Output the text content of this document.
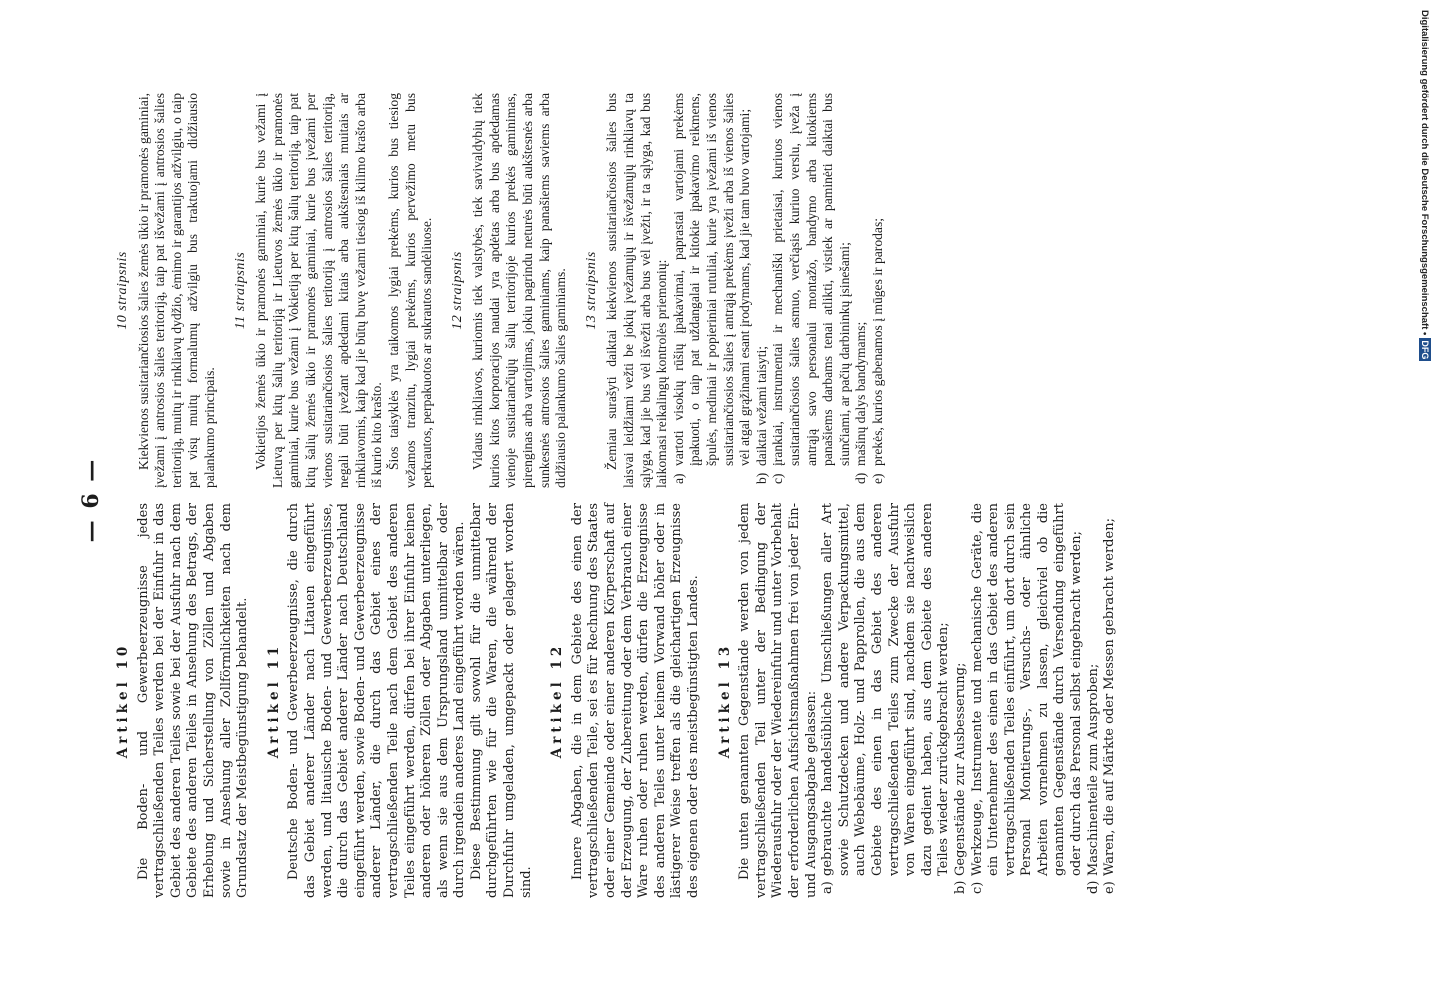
— 6 —
Artikel 10 Die Boden- und Gewerbeerzeugnisse jedes vertragschließenden Teiles werden bei der Einfuhr in das Gebiet des anderen Teiles sowie bei der Ausfuhr nach dem Gebiete des anderen Teiles in Ansehung des Betrags, der Erhebung und Sicherstellung von Zöllen und Abgaben sowie in Ansehung aller Zollförmlichkeiten nach dem Grundsatz der Meistbegünstigung behandelt. Artikel 11 Deutsche Boden- und Gewerbeerzeugnisse, die durch das Gebiet anderer Länder nach Litauen eingeführt werden, und litauische Boden- und Gewerbeerzeugnisse, die durch das Gebiet anderer Länder nach Deutschland eingeführt werden, sowie Boden- und Gewerbeerzeugnisse anderer Länder, die durch das Gebiet eines der vertragschließenden Teile nach dem Gebiet des anderen Teiles eingeführt werden, dürfen bei ihrer Einfuhr keinen anderen oder höheren Zöllen oder Abgaben unterliegen, als wenn sie aus dem Ursprungsland unmittelbar oder durch irgendein anderes Land eingeführt worden wären. Diese Bestimmung gilt sowohl für die unmittelbar durchgeführten wie für die Waren, die während der Durchfuhr umgeladen, umgepackt oder gelagert worden sind.

Artikel 12 Innere Abgaben, die in dem Gebiete des einen der vertragschließenden Teile, sei es für Rechnung des Staates oder einer Gemeinde oder einer anderen Körperschaft auf der Erzeugung, der Zubereitung oder dem Verbrauch einer Ware ruhen oder ruhen werden, dürfen die Erzeugnisse des anderen Teiles unter keinem Vorwand höher oder in lästigerer Weise treffen als die gleichartigen Erzeugnisse des eigenen oder des meistbegünstigten Landes. Artikel 13 Die unten genannten Gegenstände werden von jedem vertragschließenden Teil unter der Bedingung der Wiederausfuhr oder der Wiedereinfuhr und unter Vorbehalt der erforderlichen Aufsichtsmaßnahmen frei von jeder Ein- und Ausgangsabgabe gelassen: a)
gebrauchte handelsübliche Umschließungen aller Art sowie Schutzdecken und andere Verpackungsmittel, auch Webebäume, Holz- und Papprollen, die aus dem Gebiete des einen in das Gebiet des anderen vertragschließenden Teiles zum Zwecke der Ausfuhr von Waren eingeführt sind, nachdem sie nachweislich dazu gedient haben, aus dem Gebiete des anderen Teiles wieder zurückgebracht werden;
b)
Gegenstände zur Ausbesserung;
c)
Werkzeuge, Instrumente und mechanische Geräte, die ein Unternehmer des einen in das Gebiet des anderen vertragschließenden Teiles einführt, um dort durch sein Personal Montierungs-, Versuchs- oder ähnliche Arbeiten vornehmen zu lassen, gleichviel ob die genannten Gegenstände durch Versendung eingeführt oder durch das Personal selbst eingebracht werden;
d)
Maschinenteile zum Ausproben;
e)
Waren, die auf Märkte oder Messen gebracht werden;
10 straipsnis Kiekvienos susitariančiosios šalies žemės ūkio ir pramonės gaminiai, įvežami į antrosios šalies teritoriją, taip pat išvežami į antrosios šalies teritoriją, muitų ir rinkliavų dydžio, ėmimo ir garantijos atžvilgiu, o taip pat visų muitų formalumų atžvilgiu bus traktuojami didžiausio palankumo principais.

11 straipsnis Vokietijos žemės ūkio ir pramonės gaminiai, kurie bus vežami į Lietuvą per kitų šalių teritoriją ir Lietuvos žemės ūkio ir pramonės gaminiai, kurie bus vežami į Vokietiją per kitų šalių teritoriją, taip pat kitų šalių žemės ūkio ir pramonės gaminiai, kurie bus įvežami per vienos susitariančiosios šalies teritoriją į antrosios šalies teritoriją, negali būti įvežant apdedami kitais arba aukštesniais muitais ar rinkliavomis, kaip kad jie būtų buvę vežami tiesiog iš kilimo krašto arba iš kurio kito krašto. Šios taisyklės yra taikomos lygiai prekėms, kurios bus tiesiog vežamos tranzitu, lygiai prekėms, kurios pervežimo metu bus perkrautos, perpakuotos ar sukrautos sandėliuose. 12 straipsnis Vidaus rinkliavos, kuriomis tiek valstybės, tiek savivaldybių tiek kurios kitos korporacijos naudai yra apdėtas arba bus apdedamas vienoje susitariančiųjų šalių teritorijoje kurios prekės gaminimas, pirenginas arba vartojimas, jokiu pagrindu neturės būti aukštesnės arba sunkesnės antrosios šalies gaminiams, kaip panašiems saviems arba didžiausio palankumo šalies gaminiams. 13 straipsnis Žemiau surašyti daiktai kiekvienos susitariančiosios šalies bus laisvai leidžiami vežti be jokių įvežamųjų ir išvežamųjų rinkliavų ta sąlyga, kad jie bus vėl išvežti arba bus vėl įvežti, ir ta sąlyga, kad bus laikomasi reikalingų kontrolės priemonių: a)
vartoti visokių rūšių įpakavimai, paprastai vartojami prekėms įpakuoti, o taip pat uždangalai ir kitokie įpakavimo reikmens, špulės, mediniai ir popieriniai rutuliai, kurie yra įvežami iš vienos susitariančiosios šalies į antrąją prekėms įvežti arba iš vienos šalies vėl atgal grąžinami esant įrodymams, kad jie tam buvo vartojami;
b)
daiktai vežami taisyti;
c)
įrankiai, instrumentai ir mechaniški prietaisai, kuriuos vienos susitariančiosios šalies asmuo, verčiąsis kuriuo verslu, įveža į antrąją savo personalui montažo, bandymo arba kitokiems panašiems darbams tenai atlikti, vistiek ar paminėti daiktai bus siunčiami, ar pačių darbininkų įsinešami;
d)
mašinų dalys bandymams;
e)
prekės, kurios gabenamos į mūges ir parodas;
Digitalisierung gefördert durch die Deutsche Forschungsgemeinschaft •
DFG
